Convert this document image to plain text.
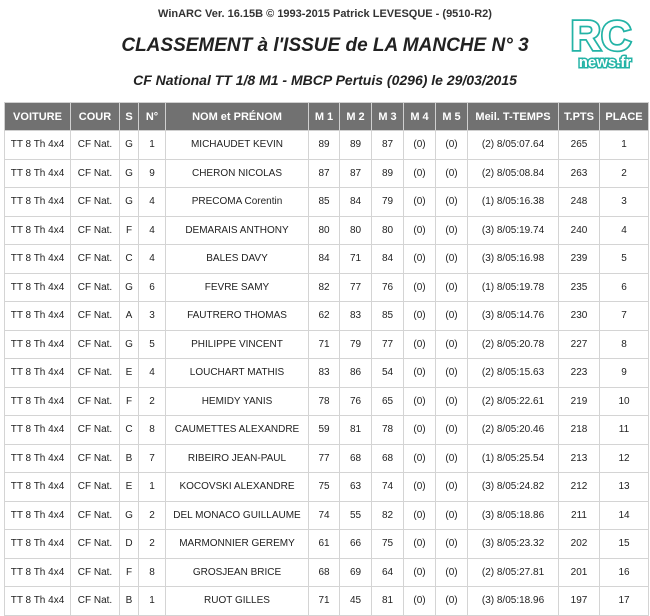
WinARC Ver. 16.15B © 1993-2015 Patrick LEVESQUE - (9510-R2)
CLASSEMENT à l'ISSUE de LA MANCHE N° 3
CF National TT 1/8 M1 - MBCP Pertuis (0296) le 29/03/2015
RC
news.fr
VOITURE	COUR	S	N°	NOM et PRÉNOM	M 1	M 2	M 3	M 4	M 5	Meil. T-TEMPS	T.PTS	PLACE
TT 8 Th 4x4	CF Nat.	G	1	MICHAUDET KEVIN	89	89	87	(0)	(0)	(2) 8/05:07.64	265	1
TT 8 Th 4x4	CF Nat.	G	9	CHERON NICOLAS	87	87	89	(0)	(0)	(2) 8/05:08.84	263	2
TT 8 Th 4x4	CF Nat.	G	4	PRECOMA Corentin	85	84	79	(0)	(0)	(1) 8/05:16.38	248	3
TT 8 Th 4x4	CF Nat.	F	4	DEMARAIS ANTHONY	80	80	80	(0)	(0)	(3) 8/05:19.74	240	4
TT 8 Th 4x4	CF Nat.	C	4	BALES DAVY	84	71	84	(0)	(0)	(3) 8/05:16.98	239	5
TT 8 Th 4x4	CF Nat.	G	6	FEVRE SAMY	82	77	76	(0)	(0)	(1) 8/05:19.78	235	6
TT 8 Th 4x4	CF Nat.	A	3	FAUTRERO THOMAS	62	83	85	(0)	(0)	(3) 8/05:14.76	230	7
TT 8 Th 4x4	CF Nat.	G	5	PHILIPPE VINCENT	71	79	77	(0)	(0)	(2) 8/05:20.78	227	8
TT 8 Th 4x4	CF Nat.	E	4	LOUCHART MATHIS	83	86	54	(0)	(0)	(2) 8/05:15.63	223	9
TT 8 Th 4x4	CF Nat.	F	2	HEMIDY YANIS	78	76	65	(0)	(0)	(2) 8/05:22.61	219	10
TT 8 Th 4x4	CF Nat.	C	8	CAUMETTES ALEXANDRE	59	81	78	(0)	(0)	(2) 8/05:20.46	218	11
TT 8 Th 4x4	CF Nat.	B	7	RIBEIRO JEAN-PAUL	77	68	68	(0)	(0)	(1) 8/05:25.54	213	12
TT 8 Th 4x4	CF Nat.	E	1	KOCOVSKI ALEXANDRE	75	63	74	(0)	(0)	(3) 8/05:24.82	212	13
TT 8 Th 4x4	CF Nat.	G	2	DEL MONACO GUILLAUME	74	55	82	(0)	(0)	(3) 8/05:18.86	211	14
TT 8 Th 4x4	CF Nat.	D	2	MARMONNIER GEREMY	61	66	75	(0)	(0)	(3) 8/05:23.32	202	15
TT 8 Th 4x4	CF Nat.	F	8	GROSJEAN BRICE	68	69	64	(0)	(0)	(2) 8/05:27.81	201	16
TT 8 Th 4x4	CF Nat.	B	1	RUOT GILLES	71	45	81	(0)	(0)	(3) 8/05:18.96	197	17
